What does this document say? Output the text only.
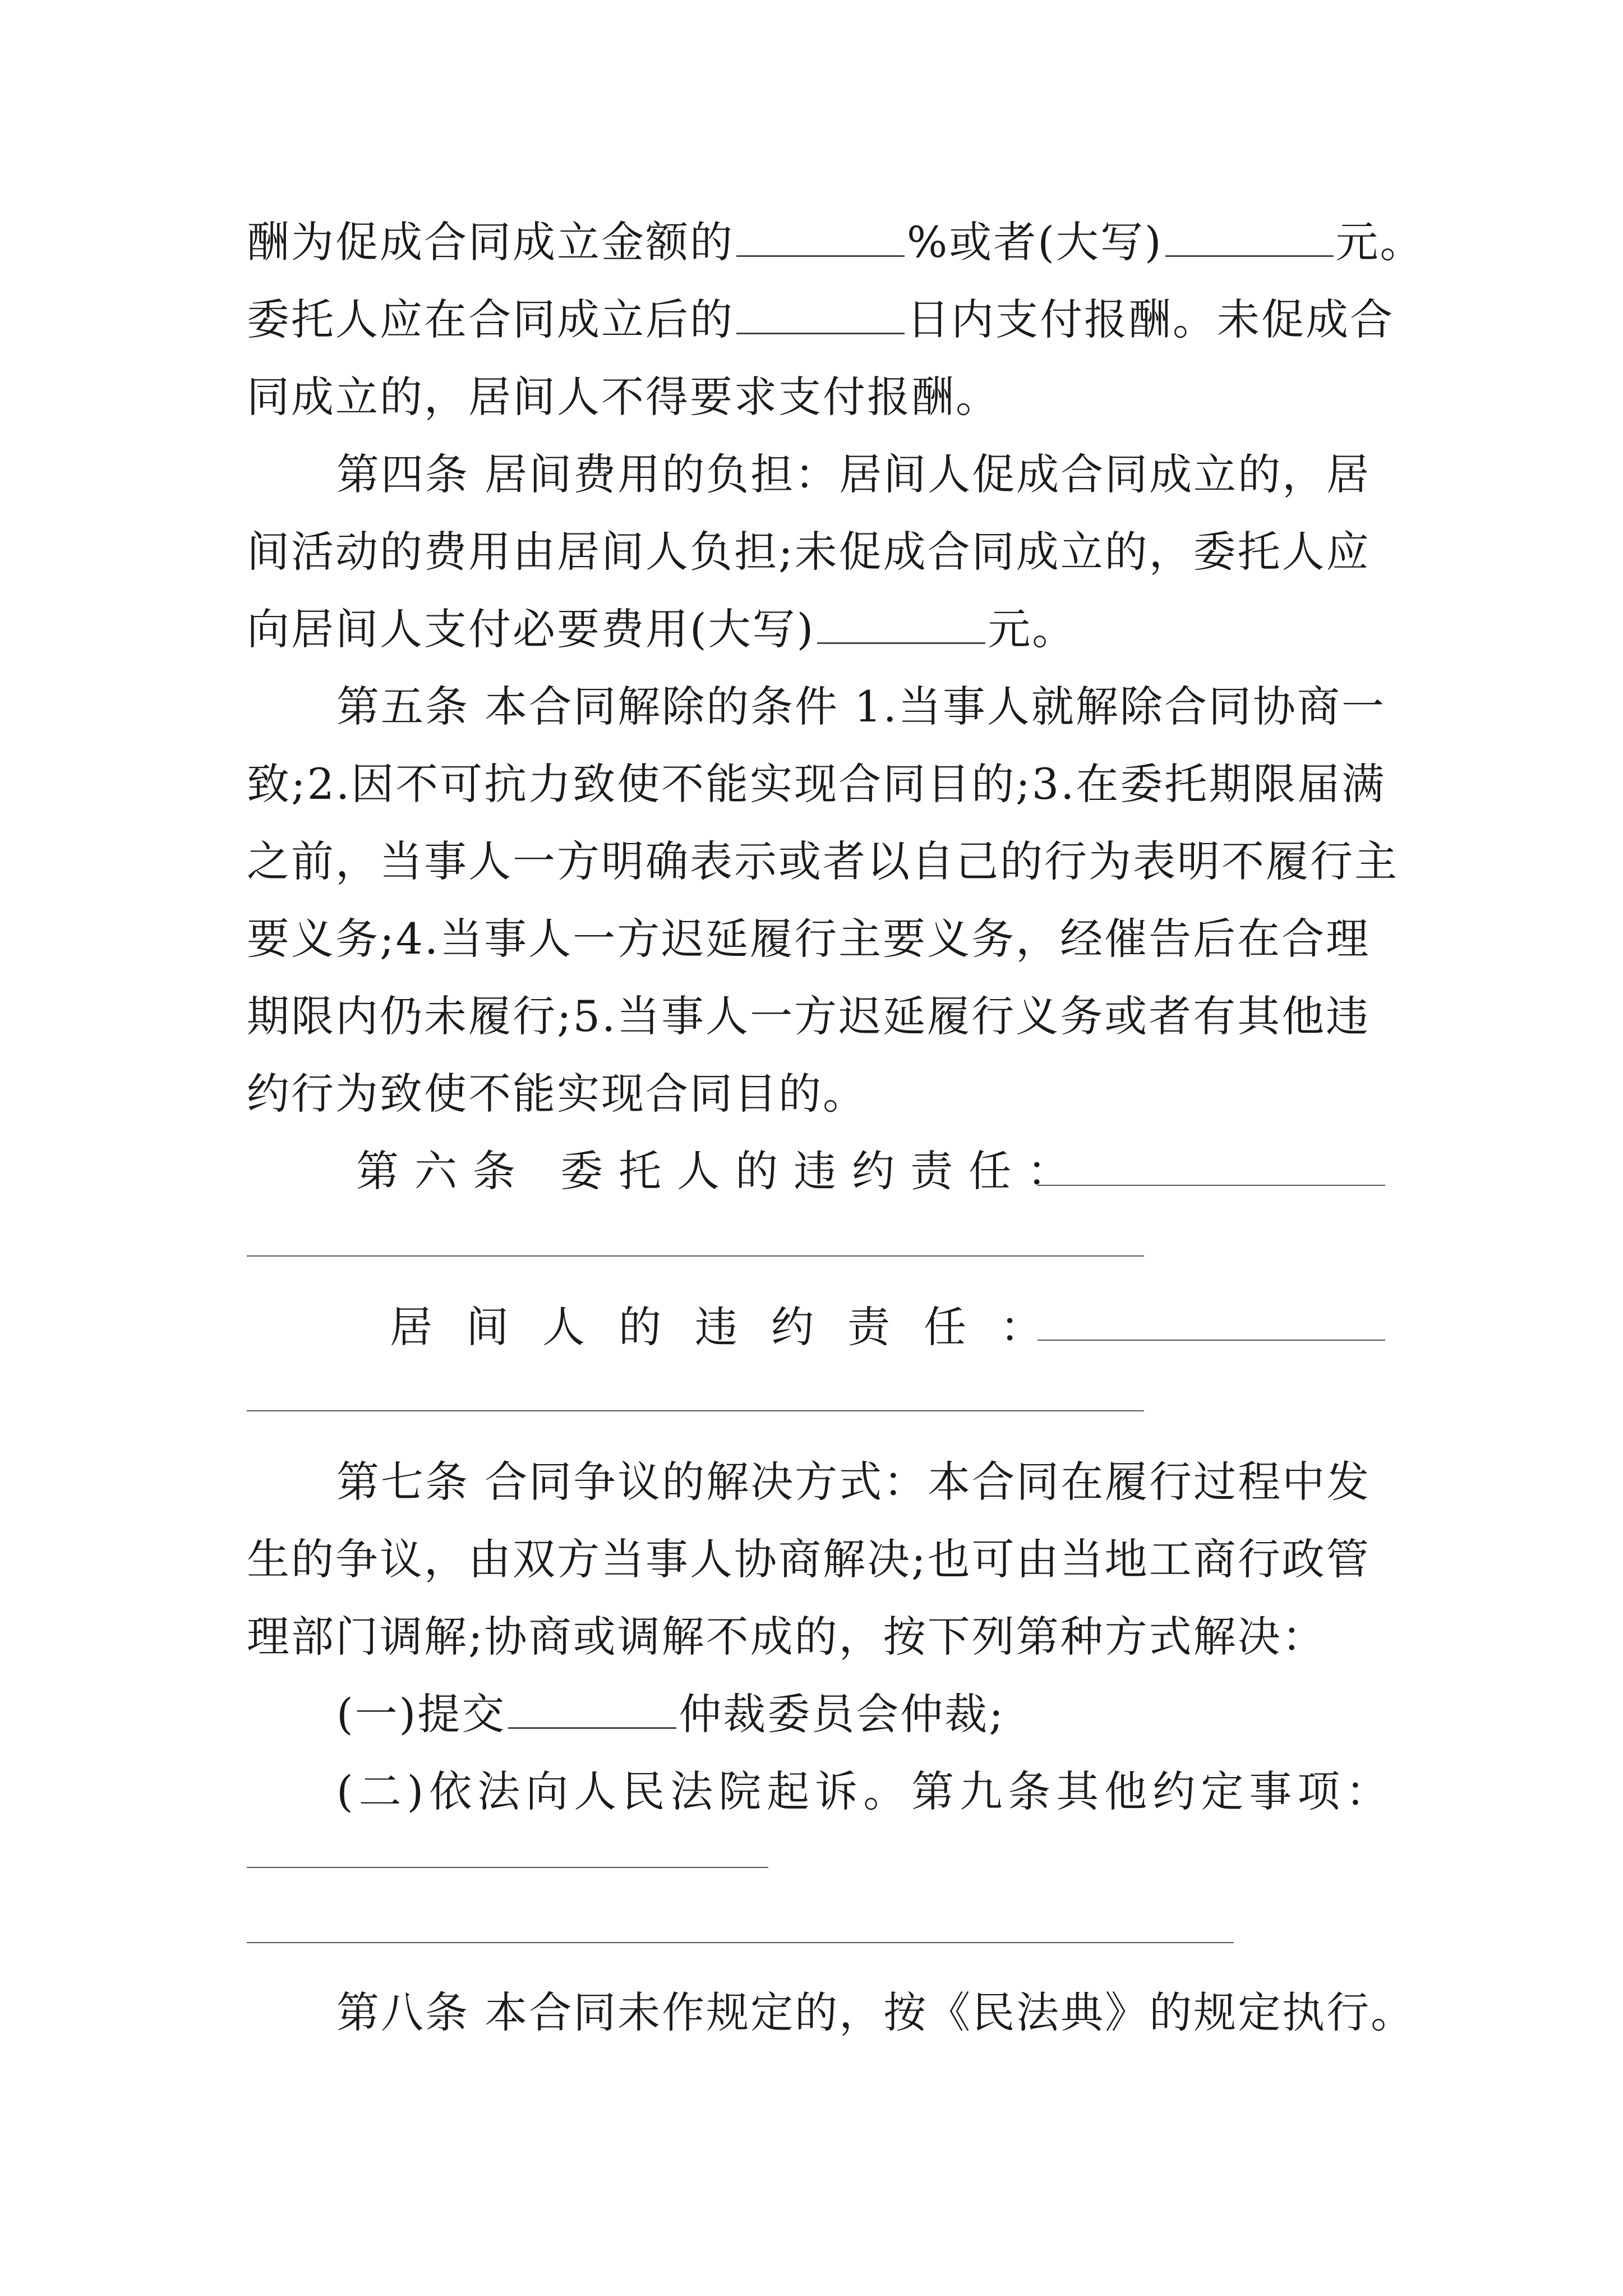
酬为促成合同成立金额的	%或者(大写)	元。
委托人应在合同成立后的	日内支付报酬。未促成合
同成立的，居间人不得要求支付报酬。
第四条 居间费用的负担：居间人促成合同成立的，居
间活动的费用由居间人负担;未促成合同成立的，委托人应
向居间人支付必要费用(大写)	元。
第五条 本合同解除的条件 1.当事人就解除合同协商一
致;2.因不可抗力致使不能实现合同目的;3.在委托期限届满
之前，当事人一方明确表示或者以自己的行为表明不履行主
要义务;4.当事人一方迟延履行主要义务，经催告后在合理
期限内仍未履行;5.当事人一方迟延履行义务或者有其他违
约行为致使不能实现合同目的。
第六条 委托人的违约责任：
居间人的违约责任：
第七条 合同争议的解决方式：本合同在履行过程中发
生的争议，由双方当事人协商解决;也可由当地工商行政管
理部门调解;协商或调解不成的，按下列第种方式解决：
(一)提交	仲裁委员会仲裁;
(二)依法向人民法院起诉。第九条其他约定事项：
第八条 本合同未作规定的，按《民法典》的规定执行。
